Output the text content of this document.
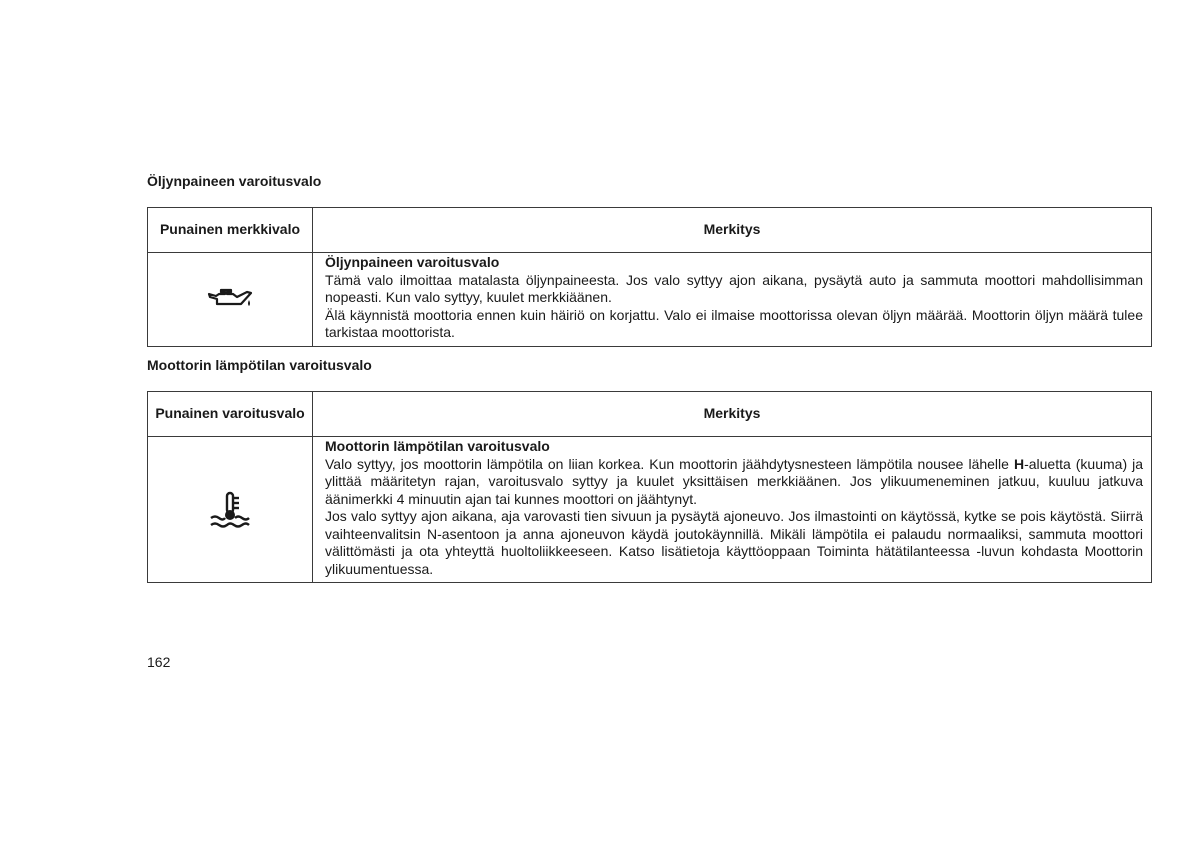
Öljynpaineen varoitusvalo
Punainen merkkivalo	Merkitys

Öljynpaineen varoitusvalo
Tämä valo ilmoittaa matalasta öljynpaineesta. Jos valo syttyy ajon aikana, pysäytä auto ja sammuta moottori mahdollisimman nopeasti. Kun valo syttyy, kuulet merkkiäänen.
Älä käynnistä moottoria ennen kuin häiriö on korjattu. Valo ei ilmaise moottorissa olevan öljyn määrää. Moottorin öljyn määrä tulee tarkistaa moottorista.
Moottorin lämpötilan varoitusvalo
Punainen varoitusvalo	Merkitys

Moottorin lämpötilan varoitusvalo
Valo syttyy, jos moottorin lämpötila on liian korkea. Kun moottorin jäähdytysnesteen lämpötila nousee lähelle H-aluetta (kuuma) ja ylittää määritetyn rajan, varoitusvalo syttyy ja kuulet yksittäisen merkkiäänen. Jos ylikuumeneminen jatkuu, kuuluu jatkuva äänimerkki 4 minuutin ajan tai kunnes moottori on jäähtynyt.
Jos valo syttyy ajon aikana, aja varovasti tien sivuun ja pysäytä ajoneuvo. Jos ilmastointi on käytössä, kytke se pois käytöstä. Siirrä vaihteenvalitsin N-asentoon ja anna ajoneuvon käydä joutokäynnillä. Mikäli lämpötila ei palaudu normaaliksi, sammuta moottori välittömästi ja ota yhteyttä huoltoliikkeeseen. Katso lisätietoja käyttöoppaan Toiminta hätätilanteessa -luvun kohdasta Moottorin ylikuumentuessa.
162
